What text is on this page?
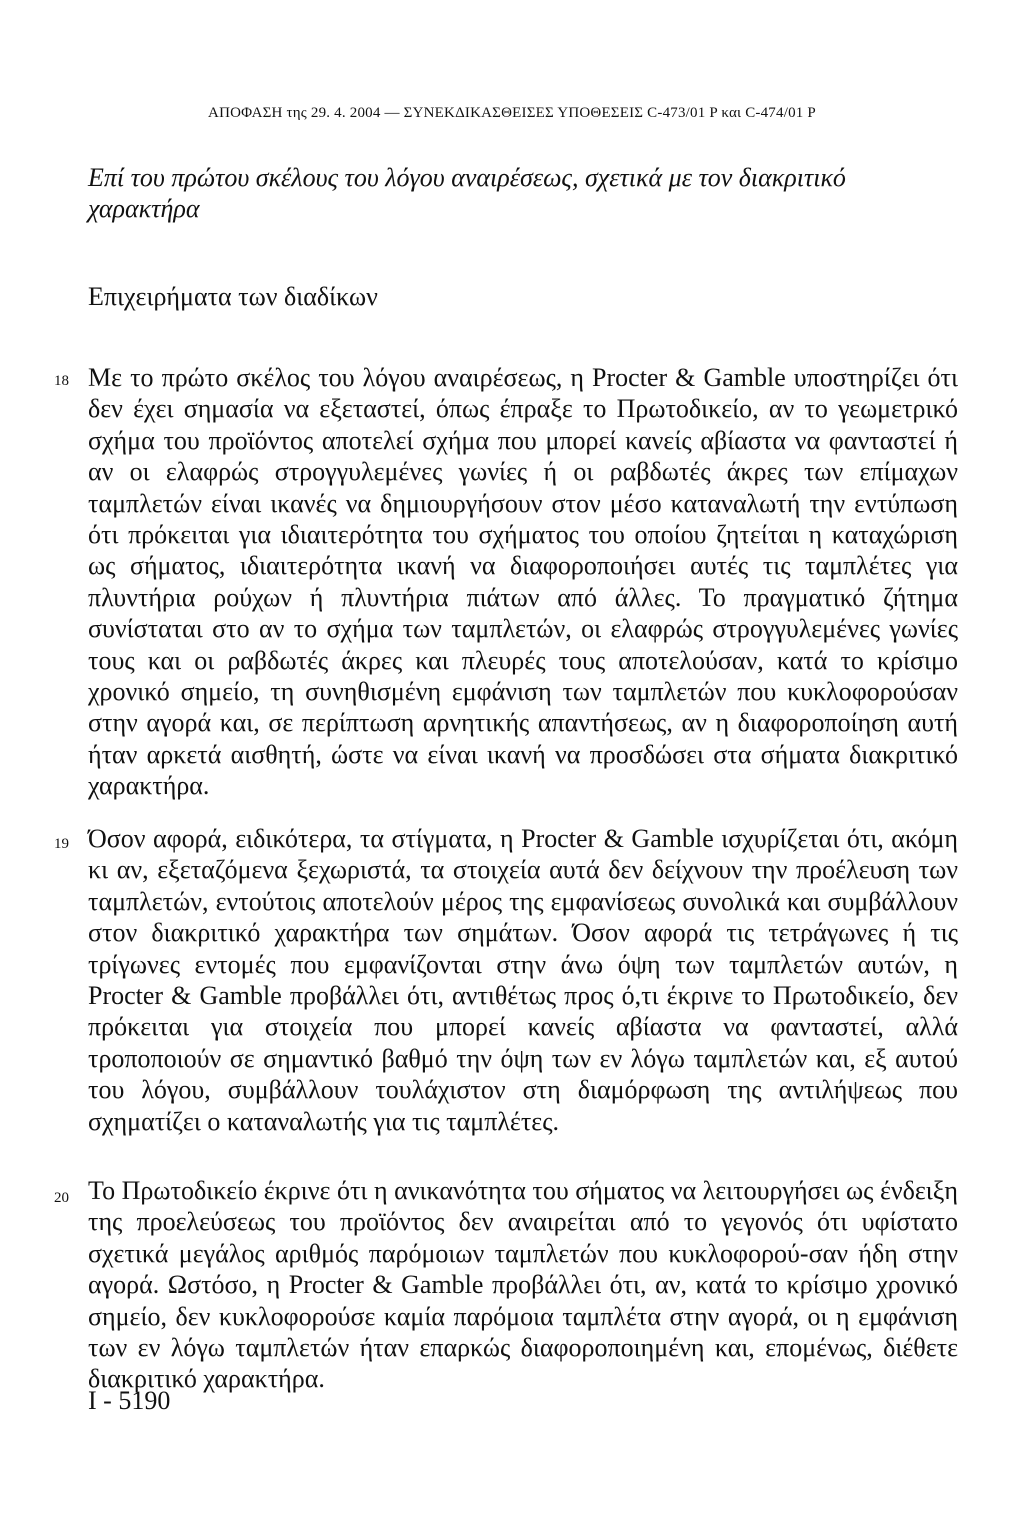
ΑΠΟΦΑΣΗ της 29. 4. 2004 — ΣΥΝΕΚΔΙΚΑΣΘΕΙΣΕΣ ΥΠΟΘΕΣΕΙΣ C-473/01 P και C-474/01 P
Επί του πρώτου σκέλους του λόγου αναιρέσεως, σχετικά με τον διακριτικό χαρακτήρα
Επιχειρήματα των διαδίκων
18 Με το πρώτο σκέλος του λόγου αναιρέσεως, η Procter & Gamble υποστηρίζει ότι δεν έχει σημασία να εξεταστεί, όπως έπραξε το Πρωτοδικείο, αν το γεωμετρικό σχήμα του προϊόντος αποτελεί σχήμα που μπορεί κανείς αβίαστα να φανταστεί ή αν οι ελαφρώς στρογγυλεμένες γωνίες ή οι ραβδωτές άκρες των επίμαχων ταμπλετών είναι ικανές να δημιουργήσουν στον μέσο καταναλωτή την εντύπωση ότι πρόκειται για ιδιαιτερότητα του σχήματος του οποίου ζητείται η καταχώριση ως σήματος, ιδιαιτερότητα ικανή να διαφοροποιήσει αυτές τις ταμπλέτες για πλυντήρια ρούχων ή πλυντήρια πιάτων από άλλες. Το πραγματικό ζήτημα συνίσταται στο αν το σχήμα των ταμπλετών, οι ελαφρώς στρογγυλεμένες γωνίες τους και οι ραβδωτές άκρες και πλευρές τους αποτελούσαν, κατά το κρίσιμο χρονικό σημείο, τη συνηθισμένη εμφάνιση των ταμπλετών που κυκλοφορούσαν στην αγορά και, σε περίπτωση αρνητικής απαντήσεως, αν η διαφοροποίηση αυτή ήταν αρκετά αισθητή, ώστε να είναι ικανή να προσδώσει στα σήματα διακριτικό χαρακτήρα.
19 Όσον αφορά, ειδικότερα, τα στίγματα, η Procter & Gamble ισχυρίζεται ότι, ακόμη κι αν, εξεταζόμενα ξεχωριστά, τα στοιχεία αυτά δεν δείχνουν την προέλευση των ταμπλετών, εντούτοις αποτελούν μέρος της εμφανίσεως συνολικά και συμβάλλουν στον διακριτικό χαρακτήρα των σημάτων. Όσον αφορά τις τετράγωνες ή τις τρίγωνες εντομές που εμφανίζονται στην άνω όψη των ταμπλετών αυτών, η Procter & Gamble προβάλλει ότι, αντιθέτως προς ό,τι έκρινε το Πρωτοδικείο, δεν πρόκειται για στοιχεία που μπορεί κανείς αβίαστα να φανταστεί, αλλά τροποποιούν σε σημαντικό βαθμό την όψη των εν λόγω ταμπλετών και, εξ αυτού του λόγου, συμβάλλουν τουλάχιστον στη διαμόρφωση της αντιλήψεως που σχηματίζει ο καταναλωτής για τις ταμπλέτες.
20 Το Πρωτοδικείο έκρινε ότι η ανικανότητα του σήματος να λειτουργήσει ως ένδειξη της προελεύσεως του προϊόντος δεν αναιρείται από το γεγονός ότι υφίστατο σχετικά μεγάλος αριθμός παρόμοιων ταμπλετών που κυκλοφορού-σαν ήδη στην αγορά. Ωστόσο, η Procter & Gamble προβάλλει ότι, αν, κατά το κρίσιμο χρονικό σημείο, δεν κυκλοφορούσε καμία παρόμοια ταμπλέτα στην αγορά, οι η εμφάνιση των εν λόγω ταμπλετών ήταν επαρκώς διαφοροποιημένη και, επομένως, διέθετε διακριτικό χαρακτήρα.
I - 5190
